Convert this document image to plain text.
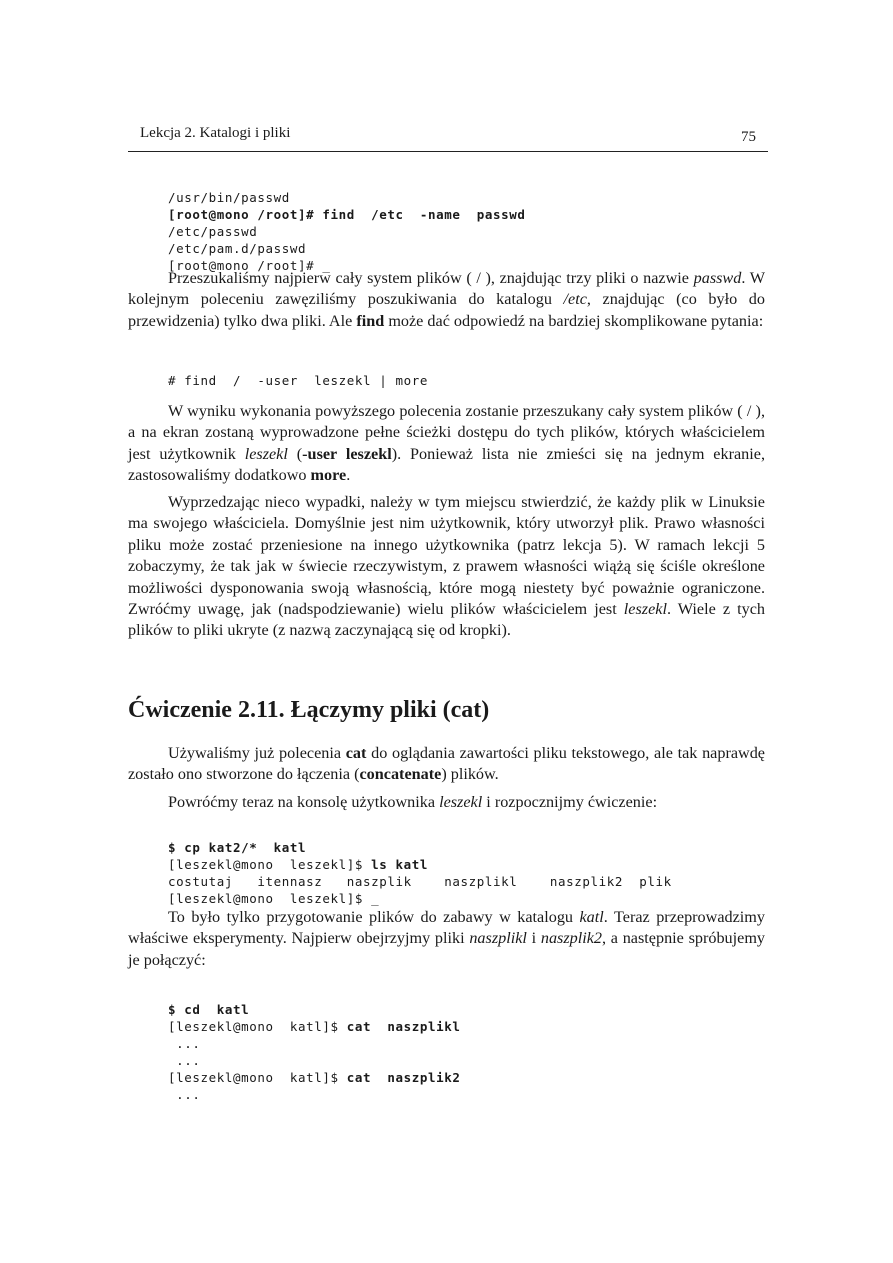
Lekcja 2. Katalogi i pliki	75

/usr/bin/passwd
[root@mono /root]# find  /etc  -name  passwd
/etc/passwd
/etc/pam.d/passwd
[root@mono /root]# _

Przeszukaliśmy najpierw cały system plików ( / ), znajdując trzy pliki o nazwie passwd. W kolejnym poleceniu zawęziliśmy poszukiwania do katalogu /etc, znajdując (co było do przewidzenia) tylko dwa pliki. Ale find może dać odpowiedź na bardziej skomplikowane pytania:
# find  /  -user  leszekl | more
W wyniku wykonania powyższego polecenia zostanie przeszukany cały system plików ( / ), a na ekran zostaną wyprowadzone pełne ścieżki dostępu do tych plików, których właścicielem jest użytkownik leszekl (-user leszekl). Ponieważ lista nie zmieści się na jednym ekranie, zastosowaliśmy dodatkowo more.
Wyprzedzając nieco wypadki, należy w tym miejscu stwierdzić, że każdy plik w Linuksie ma swojego właściciela. Domyślnie jest nim użytkownik, który utworzył plik. Prawo własności pliku może zostać przeniesione na innego użytkownika (patrz lekcja 5). W ramach lekcji 5 zobaczymy, że tak jak w świecie rzeczywistym, z prawem własności wiążą się ściśle określone możliwości dysponowania swoją własnością, które mogą niestety być poważnie ograniczone. Zwróćmy uwagę, jak (nadspodziewanie) wielu plików właścicielem jest leszekl. Wiele z tych plików to pliki ukryte (z nazwą zaczynającą się od kropki).
Ćwiczenie 2.11. Łączymy pliki (cat)
Używaliśmy już polecenia cat do oglądania zawartości pliku tekstowego, ale tak naprawdę zostało ono stworzone do łączenia (concatenate) plików.
Powróćmy teraz na konsolę użytkownika leszekl i rozpocznijmy ćwiczenie:

$ cp kat2/*  katl
[leszekl@mono  leszekl]$ ls katl
costutaj   itennasz   naszplik    naszplikl    naszplik2  plik
[leszekl@mono  leszekl]$ _

To było tylko przygotowanie plików do zabawy w katalogu katl. Teraz przeprowadzimy właściwe eksperymenty. Najpierw obejrzyjmy pliki naszplikl i naszplik2, a następnie spróbujemy je połączyć:

$ cd  katl
[leszekl@mono  katl]$ cat  naszplikl
...
...
[leszekl@mono  katl]$ cat  naszplik2
...
